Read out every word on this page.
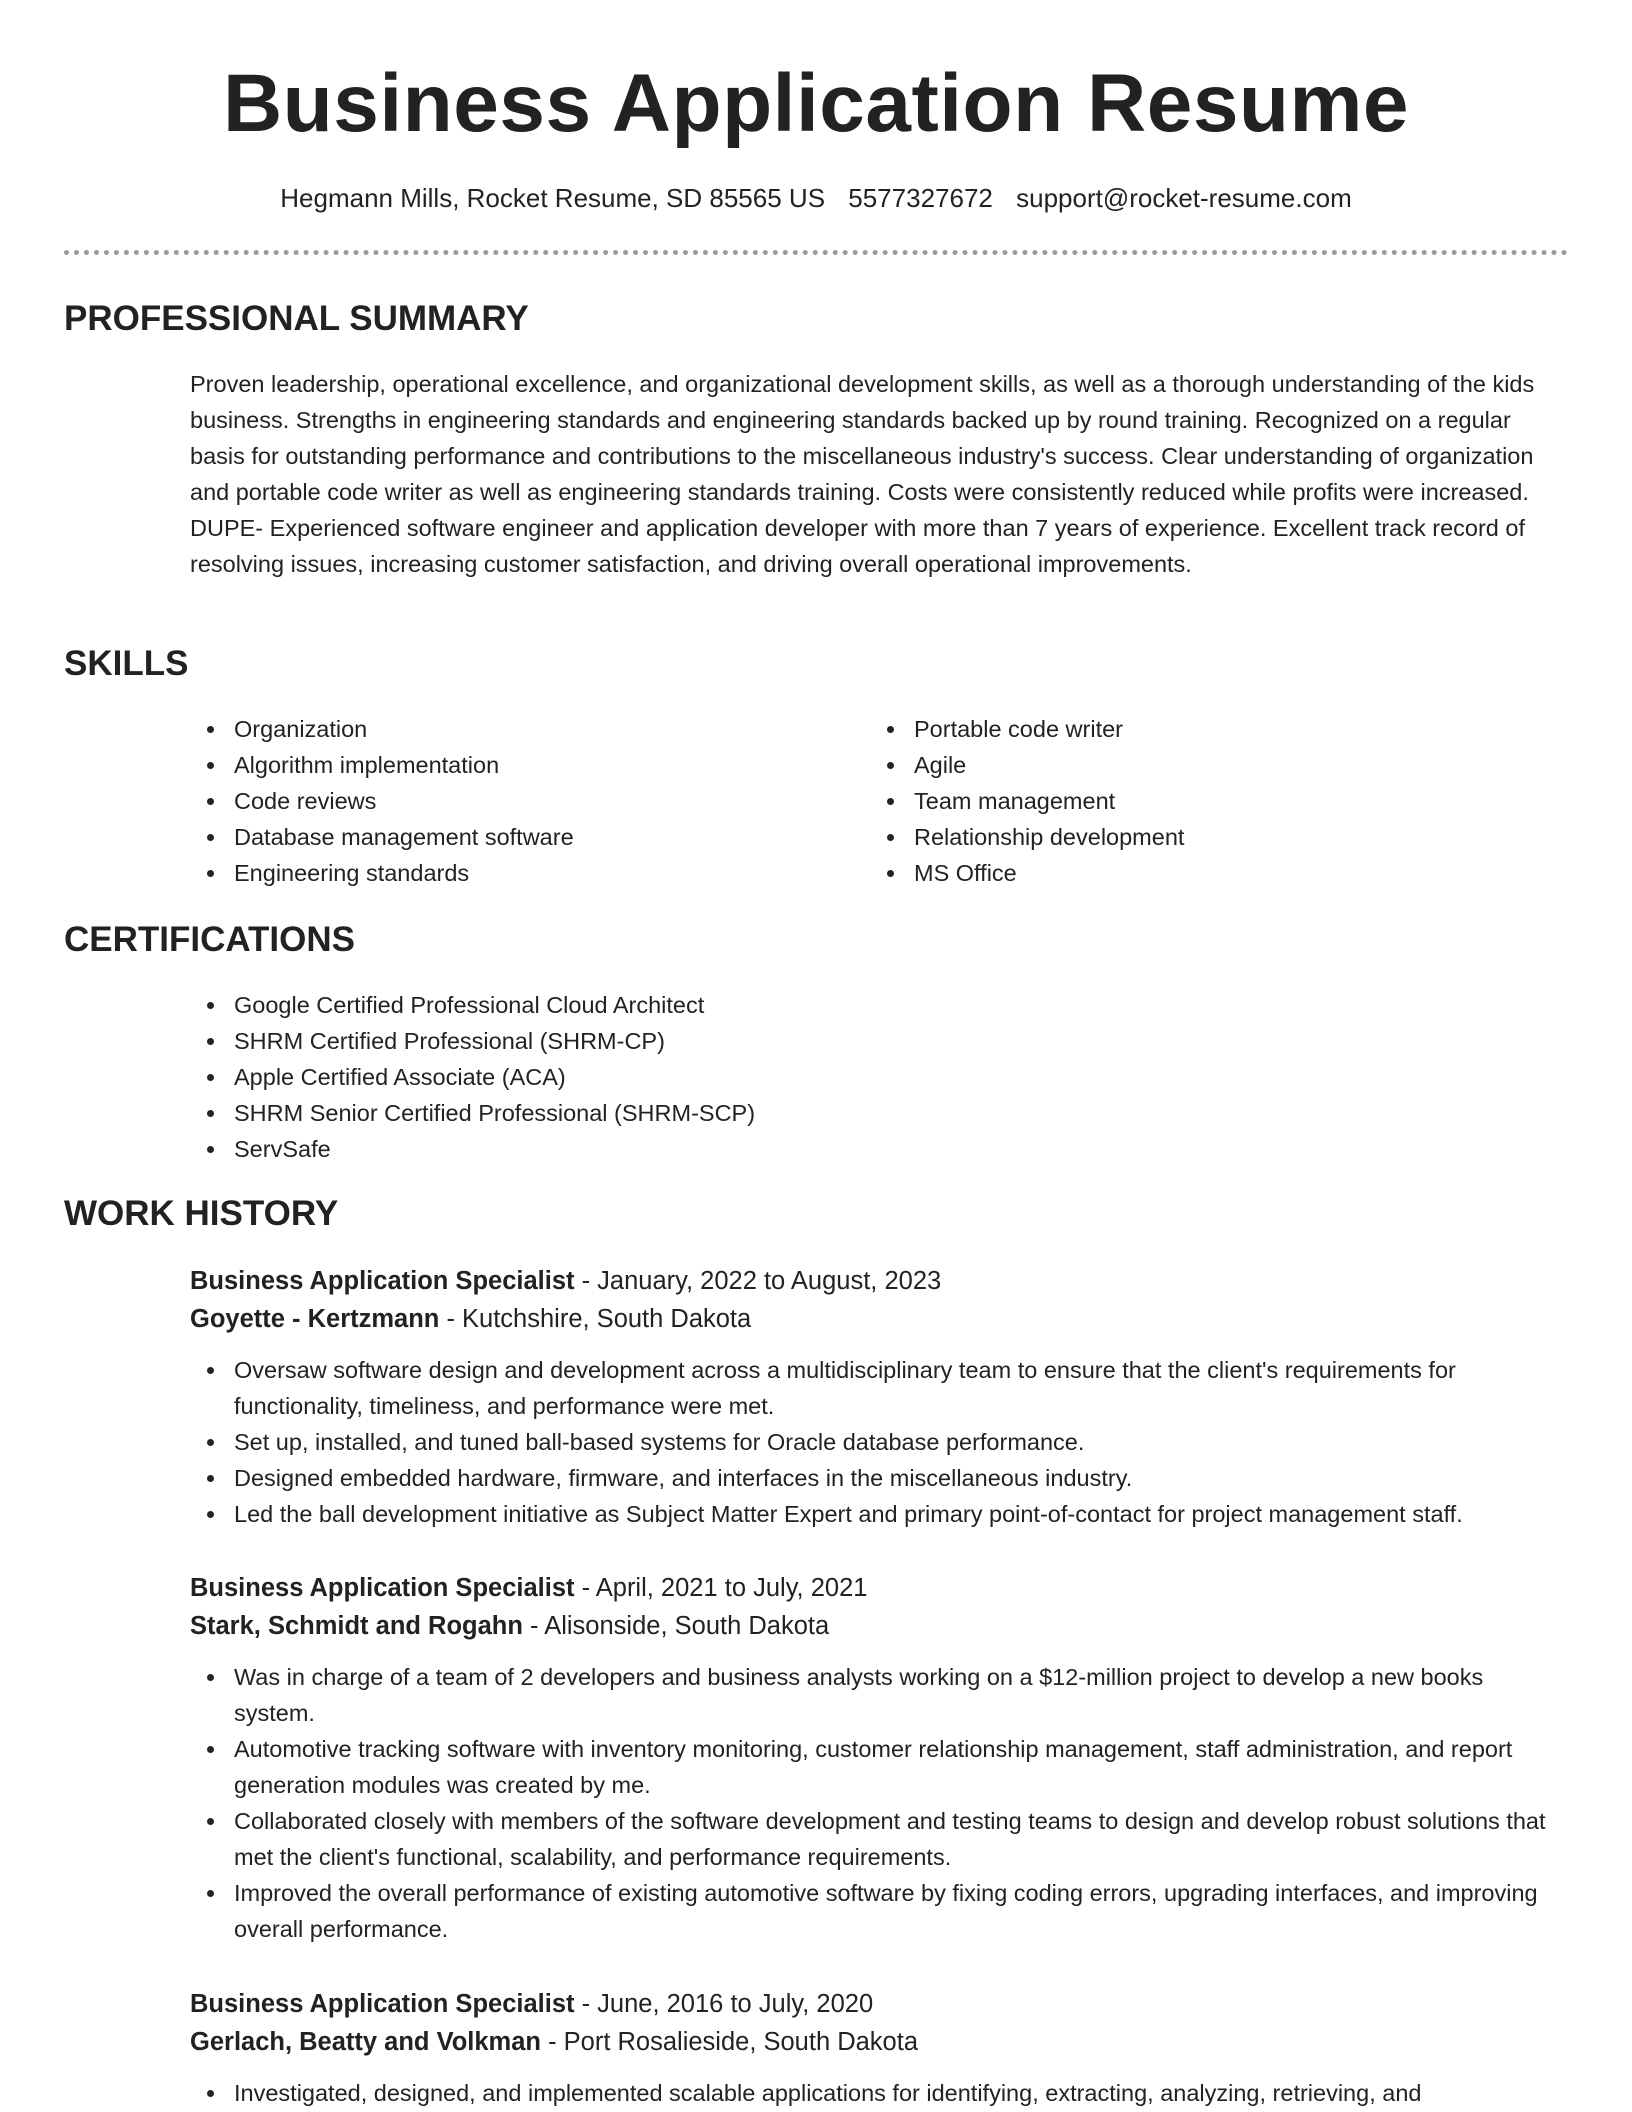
Business Application Resume
Hegmann Mills, Rocket Resume, SD 85565 US 5577327672 support@rocket-resume.com
PROFESSIONAL SUMMARY
Proven leadership, operational excellence, and organizational development skills, as well as a thorough understanding of the kids business. Strengths in engineering standards and engineering standards backed up by round training. Recognized on a regular basis for outstanding performance and contributions to the miscellaneous industry's success. Clear understanding of organization and portable code writer as well as engineering standards training. Costs were consistently reduced while profits were increased. DUPE- Experienced software engineer and application developer with more than 7 years of experience. Excellent track record of resolving issues, increasing customer satisfaction, and driving overall operational improvements.
SKILLS
Organization
Algorithm implementation
Code reviews
Database management software
Engineering standards
Portable code writer
Agile
Team management
Relationship development
MS Office
CERTIFICATIONS
Google Certified Professional Cloud Architect
SHRM Certified Professional (SHRM-CP)
Apple Certified Associate (ACA)
SHRM Senior Certified Professional (SHRM-SCP)
ServSafe
WORK HISTORY
Business Application Specialist - January, 2022 to August, 2023
Goyette - Kertzmann - Kutchshire, South Dakota
Oversaw software design and development across a multidisciplinary team to ensure that the client's requirements for functionality, timeliness, and performance were met.
Set up, installed, and tuned ball-based systems for Oracle database performance.
Designed embedded hardware, firmware, and interfaces in the miscellaneous industry.
Led the ball development initiative as Subject Matter Expert and primary point-of-contact for project management staff.
Business Application Specialist - April, 2021 to July, 2021
Stark, Schmidt and Rogahn - Alisonside, South Dakota
Was in charge of a team of 2 developers and business analysts working on a $12-million project to develop a new books system.
Automotive tracking software with inventory monitoring, customer relationship management, staff administration, and report generation modules was created by me.
Collaborated closely with members of the software development and testing teams to design and develop robust solutions that met the client's functional, scalability, and performance requirements.
Improved the overall performance of existing automotive software by fixing coding errors, upgrading interfaces, and improving overall performance.
Business Application Specialist - June, 2016 to July, 2020
Gerlach, Beatty and Volkman - Port Rosalieside, South Dakota
Investigated, designed, and implemented scalable applications for identifying, extracting, analyzing, retrieving, and
